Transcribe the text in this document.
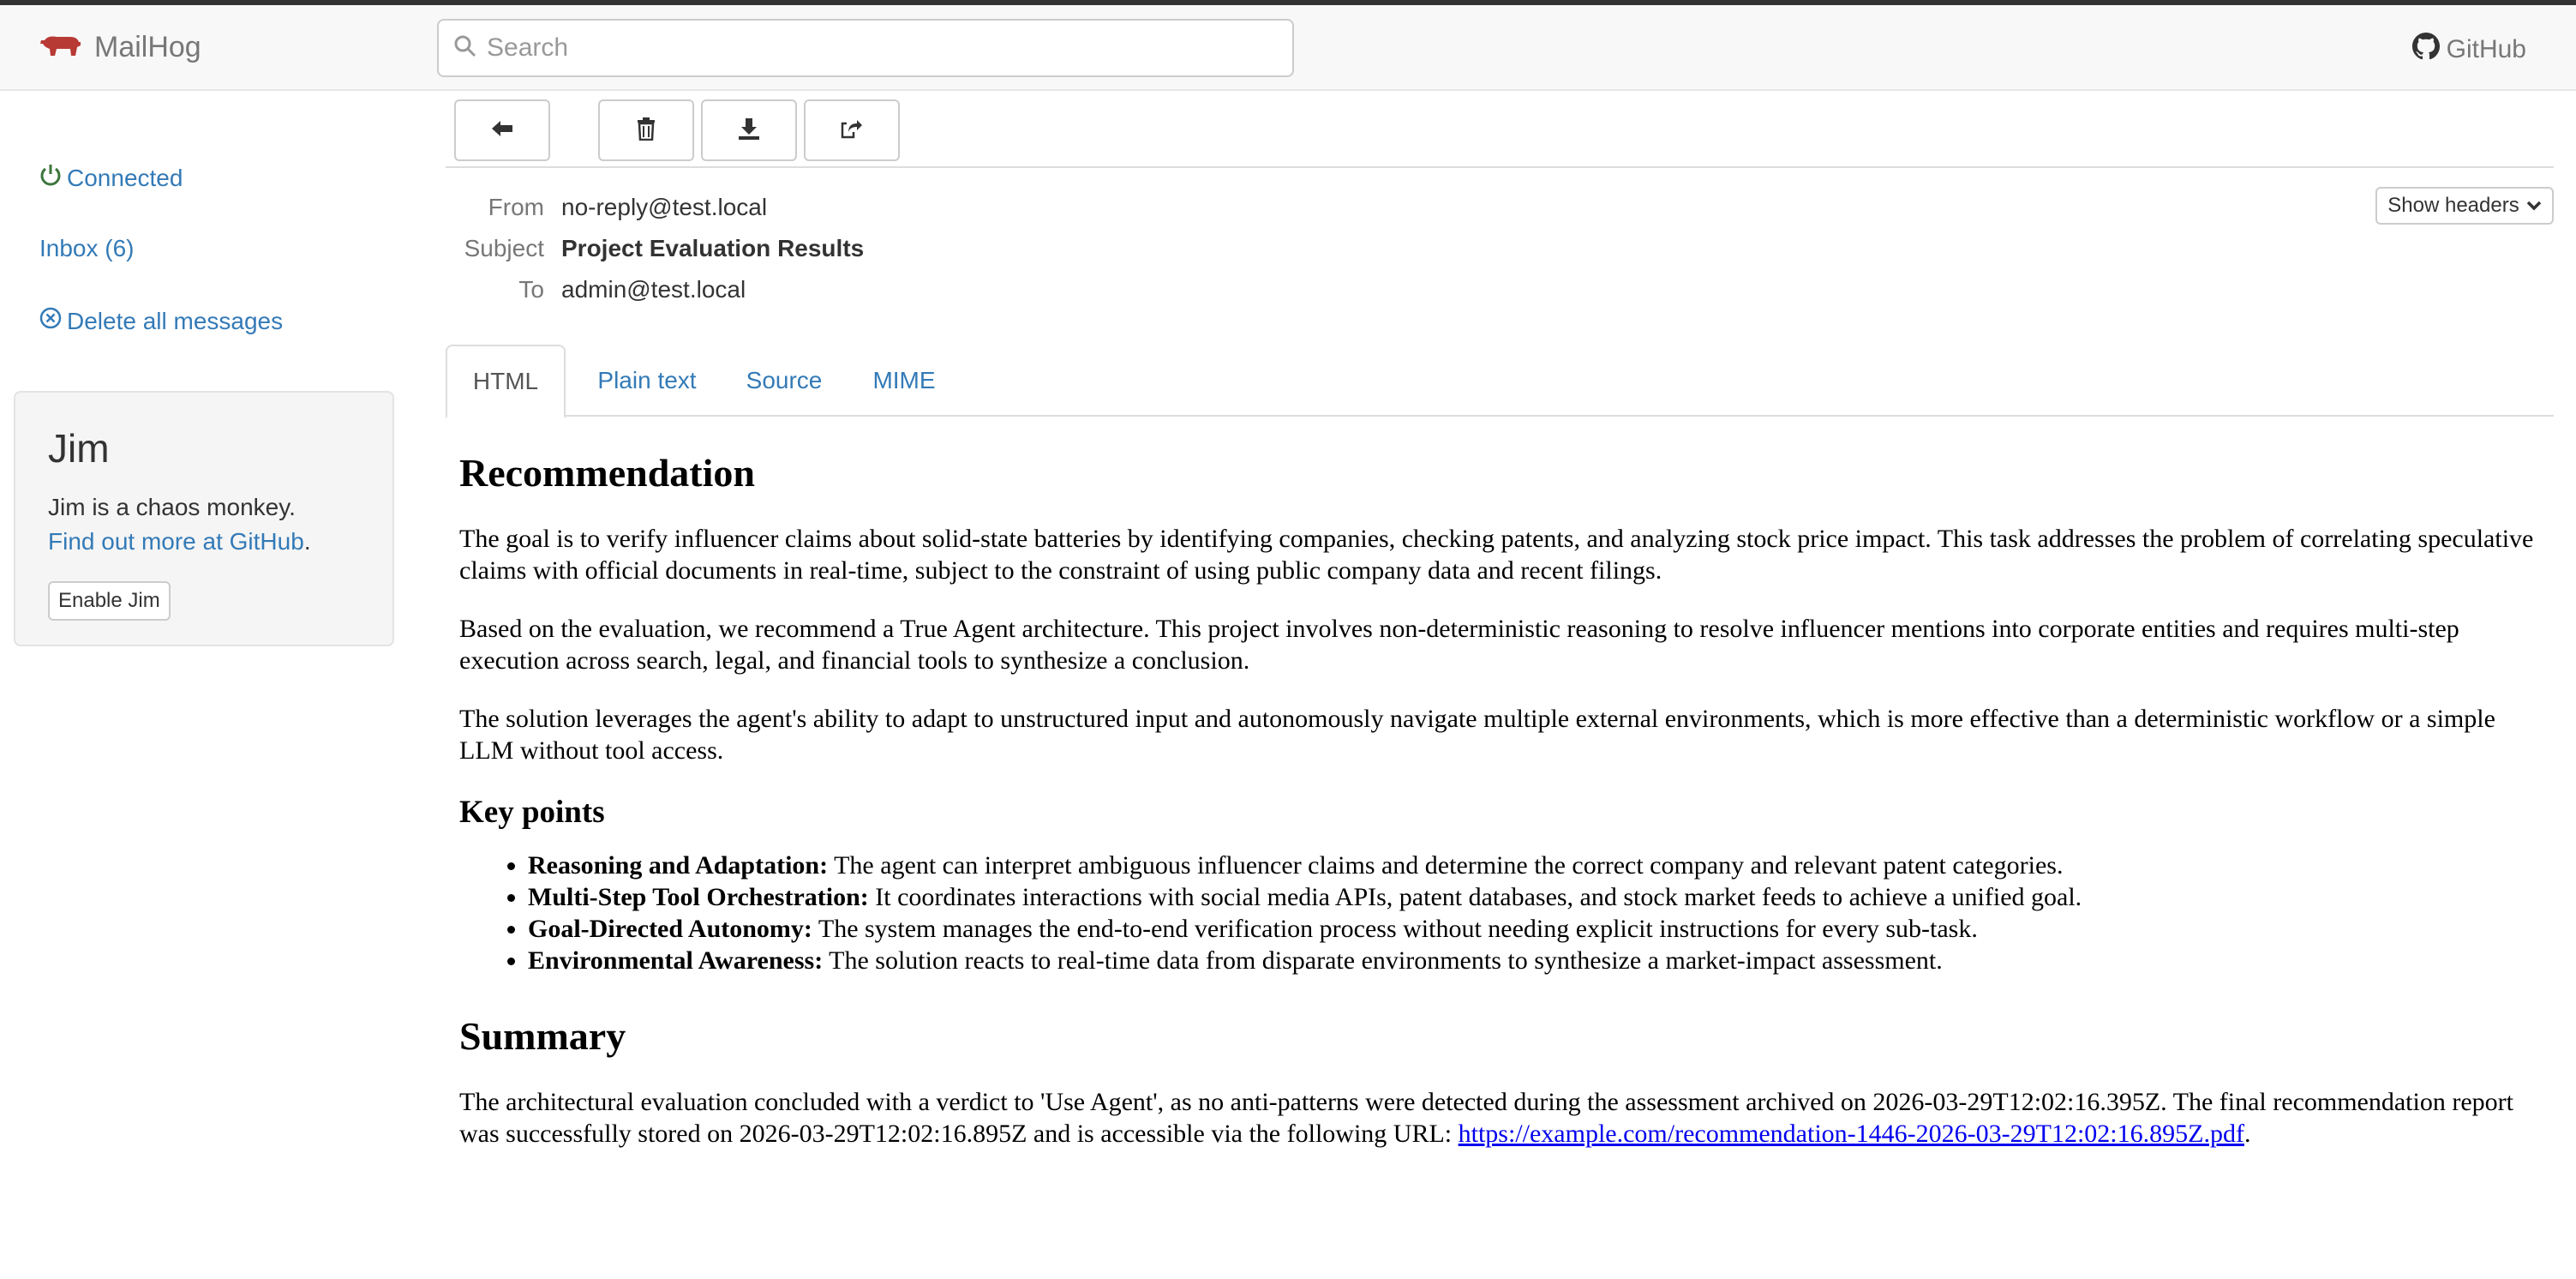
MailHog
Search	GitHub
Connected
Inbox (6)
Delete all messages
Jim
Jim is a chaos monkey.
Find out more at GitHub.
Enable Jim
From no-reply@test.local
Subject Project Evaluation Results
To admin@test.local
Show headers
HTML	Plain text	Source	MIME
Recommendation

The goal is to verify influencer claims about solid-state batteries by identifying companies, checking patents, and analyzing stock price impact. This task addresses the problem of correlating speculative claims with official documents in real-time, subject to the constraint of using public company data and recent filings.

Based on the evaluation, we recommend a True Agent architecture. This project involves non-deterministic reasoning to resolve influencer mentions into corporate entities and requires multi-step execution across search, legal, and financial tools to synthesize a conclusion.

The solution leverages the agent's ability to adapt to unstructured input and autonomously navigate multiple external environments, which is more effective than a deterministic workflow or a simple LLM without tool access.

Key points
• Reasoning and Adaptation: The agent can interpret ambiguous influencer claims and determine the correct company and relevant patent categories.
• Multi-Step Tool Orchestration: It coordinates interactions with social media APIs, patent databases, and stock market feeds to achieve a unified goal.
• Goal-Directed Autonomy: The system manages the end-to-end verification process without needing explicit instructions for every sub-task.
• Environmental Awareness: The solution reacts to real-time data from disparate environments to synthesize a market-impact assessment.
Summary

The architectural evaluation concluded with a verdict to 'Use Agent', as no anti-patterns were detected during the assessment archived on 2026-03-29T12:02:16.395Z. The final recommendation report was successfully stored on 2026-03-29T12:02:16.895Z and is accessible via the following URL: https://example.com/recommendation-1446-2026-03-29T12:02:16.895Z.pdf.
